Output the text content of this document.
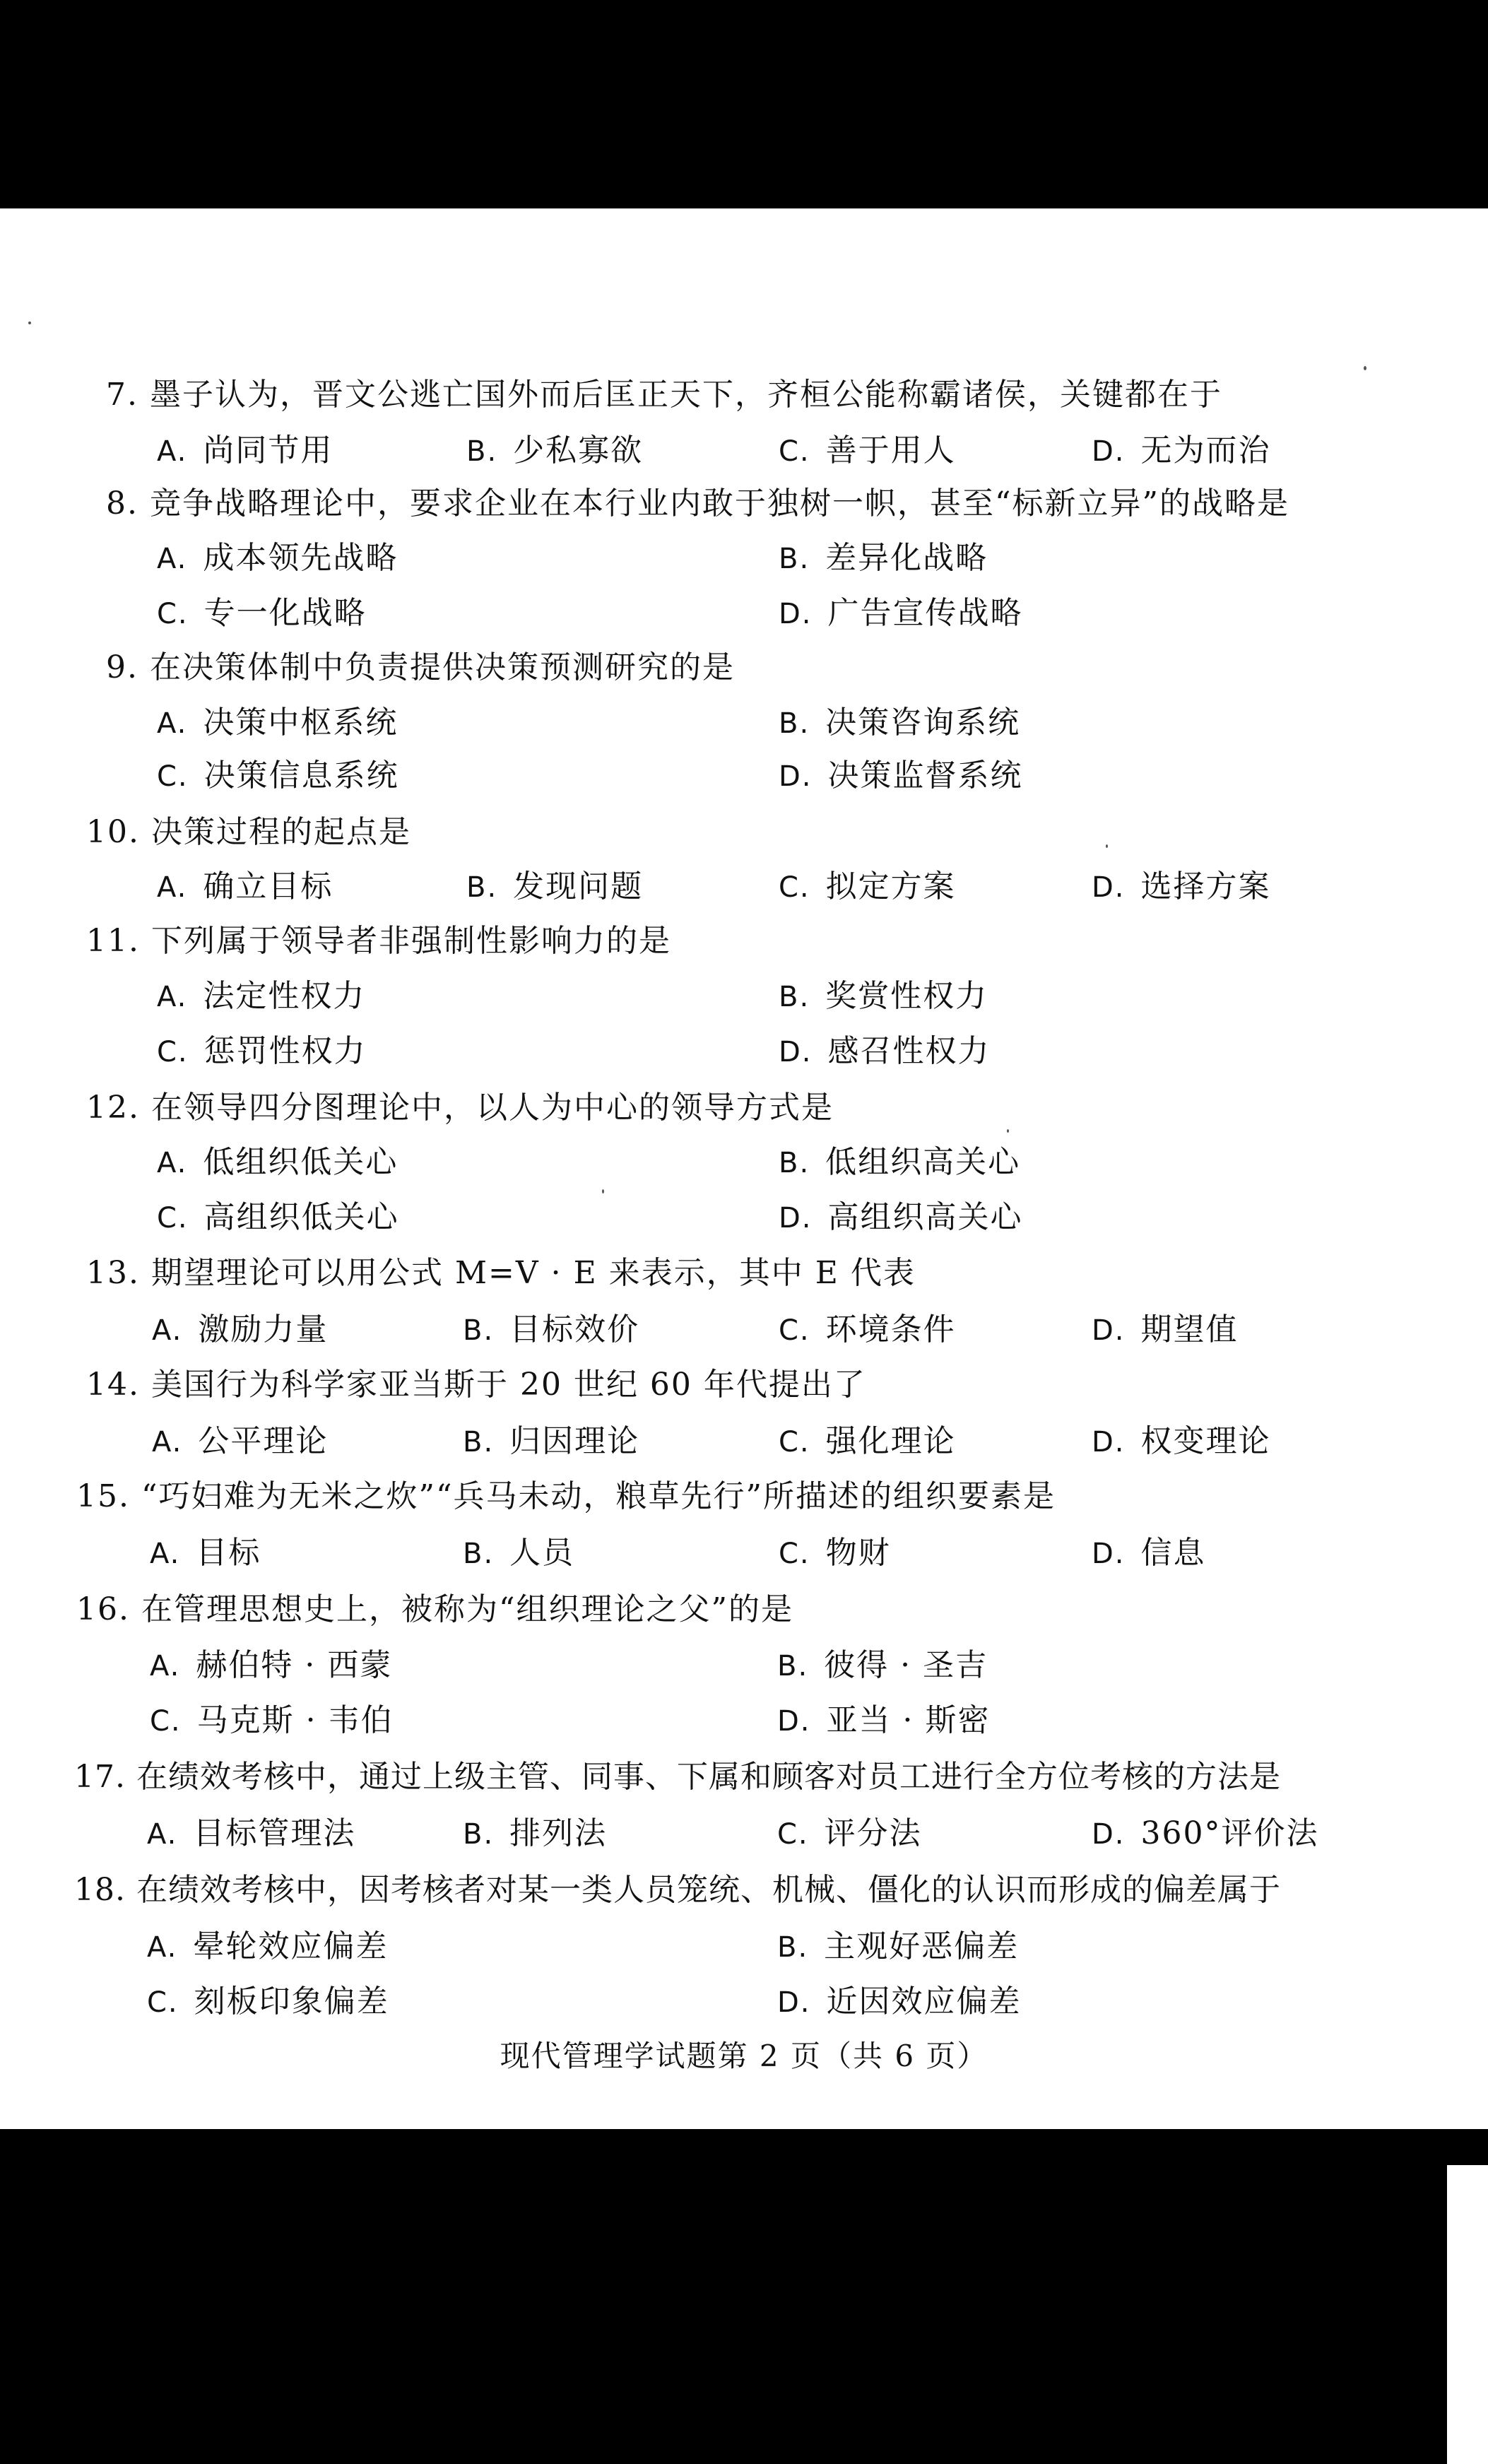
7. 墨子认为，晋文公逃亡国外而后匡正天下，齐桓公能称霸诸侯，关键都在于
A. 尚同节用	B. 少私寡欲	C. 善于用人	D. 无为而治
8. 竞争战略理论中，要求企业在本行业内敢于独树一帜，甚至“标新立异”的战略是
A. 成本领先战略	B. 差异化战略
C. 专一化战略	D. 广告宣传战略
9. 在决策体制中负责提供决策预测研究的是
A. 决策中枢系统	B. 决策咨询系统
C. 决策信息系统	D. 决策监督系统
10. 决策过程的起点是
A. 确立目标	B. 发现问题	C. 拟定方案	D. 选择方案
11. 下列属于领导者非强制性影响力的是
A. 法定性权力	B. 奖赏性权力
C. 惩罚性权力	D. 感召性权力
12. 在领导四分图理论中，以人为中心的领导方式是
A. 低组织低关心	B. 低组织高关心
C. 高组织低关心	D. 高组织高关心
13. 期望理论可以用公式 M=V · E 来表示，其中 E 代表
A. 激励力量	B. 目标效价	C. 环境条件	D. 期望值
14. 美国行为科学家亚当斯于 20 世纪 60 年代提出了
A. 公平理论	B. 归因理论	C. 强化理论	D. 权变理论
15. “巧妇难为无米之炊”“兵马未动，粮草先行”所描述的组织要素是
A. 目标	B. 人员	C. 物财	D. 信息
16. 在管理思想史上，被称为“组织理论之父”的是
A. 赫伯特 · 西蒙	B. 彼得 · 圣吉
C. 马克斯 · 韦伯	D. 亚当 · 斯密
17. 在绩效考核中，通过上级主管、同事、下属和顾客对员工进行全方位考核的方法是
A. 目标管理法	B. 排列法	C. 评分法	D. 360°评价法
18. 在绩效考核中，因考核者对某一类人员笼统、机械、僵化的认识而形成的偏差属于
A. 晕轮效应偏差	B. 主观好恶偏差
C. 刻板印象偏差	D. 近因效应偏差
现代管理学试题第 2 页（共 6 页）
